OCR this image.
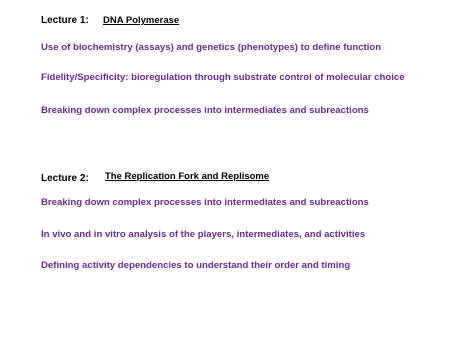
Lecture 1: DNA Polymerase
Use of biochemistry (assays) and genetics (phenotypes) to define function
Fidelity/Specificity: bioregulation through substrate control of molecular choice
Breaking down complex processes into intermediates and subreactions
Lecture 2: The Replication Fork and Replisome
Breaking down complex processes into intermediates and subreactions
In vivo and in vitro analysis of the players, intermediates, and activities
Defining activity dependencies to understand their order and timing
